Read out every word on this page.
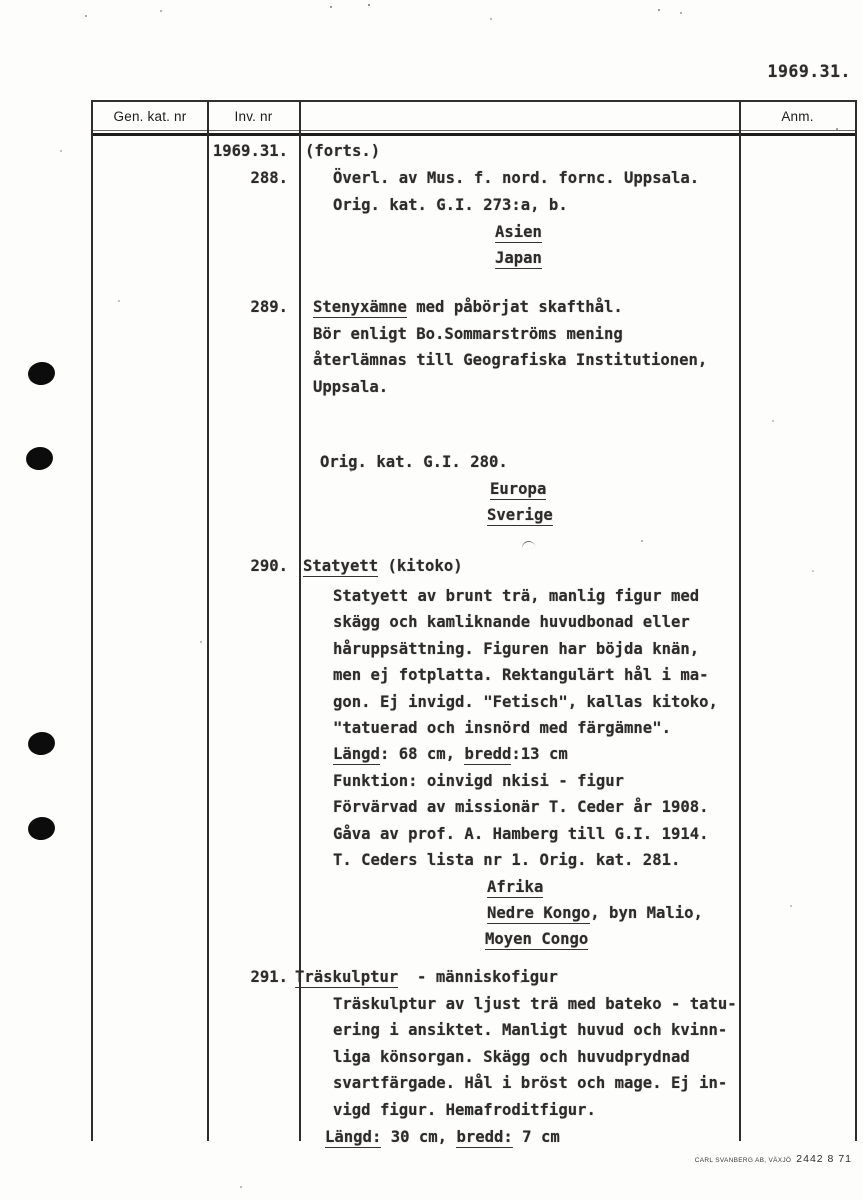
1969.31.
Gen. kat. nr	Inv. nr	Anm.
1969.31.
288.
289.
290.
291.
(forts.)
Överl. av Mus. f. nord. fornc. Uppsala.
Orig. kat. G.I. 273:a, b.
Asien
Japan
Stenyxämne med påbörjat skafthål.
Bör enligt Bo.Sommarströms mening
återlämnas till Geografiska Institutionen,
Uppsala.
Orig. kat. G.I. 280.
Europa
Sverige
Statyett (kitoko)
Statyett av brunt trä, manlig figur med
skägg och kamliknande huvudbonad eller
håruppsättning. Figuren har böjda knän,
men ej fotplatta. Rektangulärt hål i ma-
gon. Ej invigd. "Fetisch", kallas kitoko,
"tatuerad och insnörd med färgämne".
Längd: 68 cm, bredd:13 cm
Funktion: oinvigd nkisi - figur
Förvärvad av missionär T. Ceder år 1908.
Gåva av prof. A. Hamberg till G.I. 1914.
T. Ceders lista nr 1. Orig. kat. 281.
Afrika
Nedre Kongo, byn Malio,
Moyen Congo
Träskulptur  - människofigur
Träskulptur av ljust trä med bateko - tatu-
ering i ansiktet. Manligt huvud och kvinn-
liga könsorgan. Skägg och huvudprydnad
svartfärgade. Hål i bröst och mage. Ej in-
vigd figur. Hemafroditfigur.
Längd: 30 cm, bredd: 7 cm
CARL SVANBERG AB, VÄXJÖ 2442 8 71
